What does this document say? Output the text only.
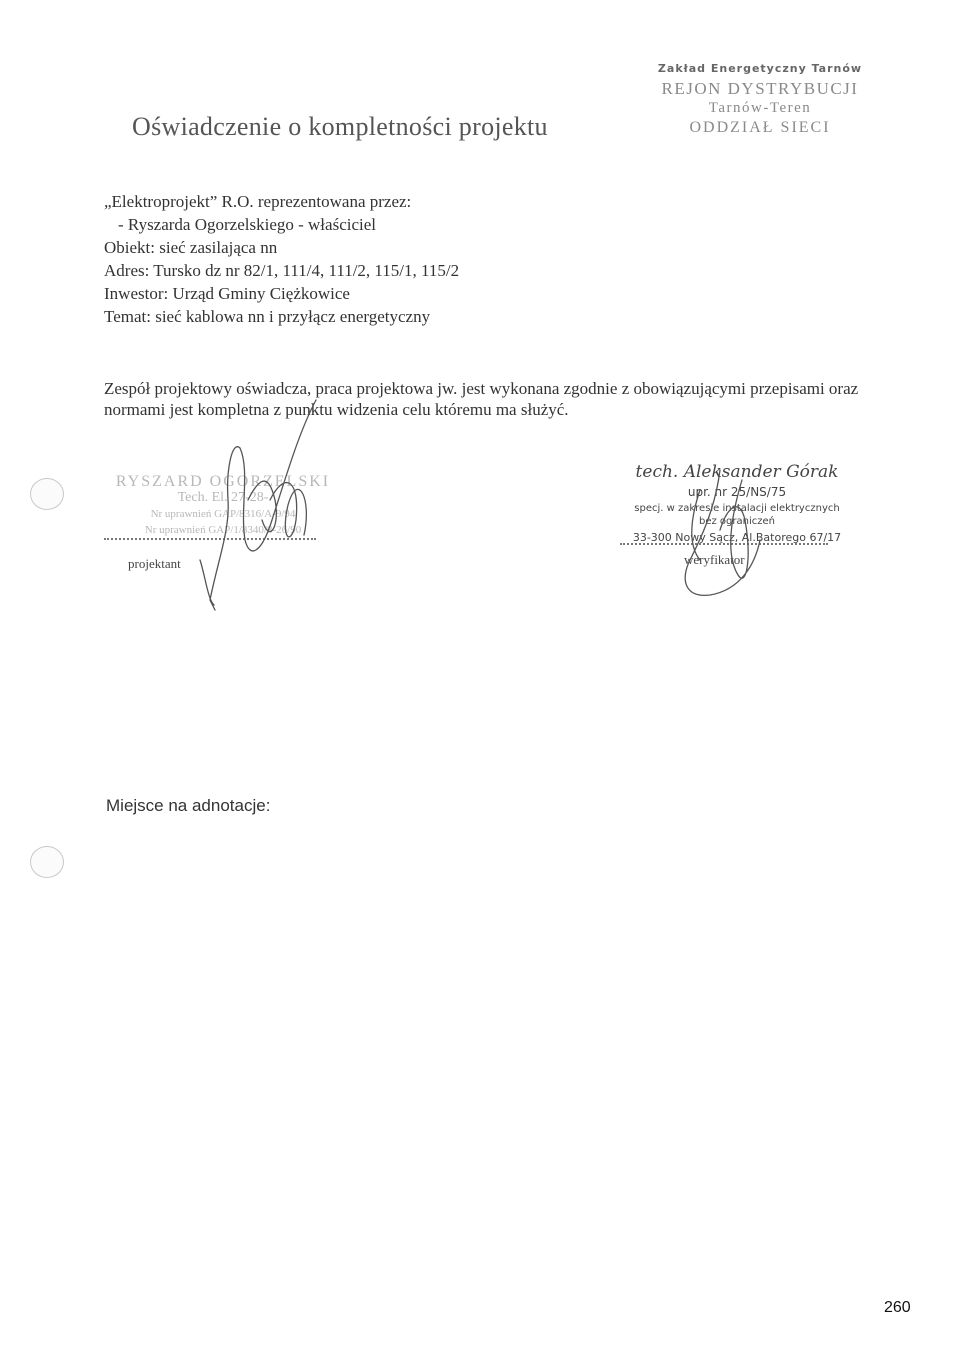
Zakład Energetyczny Tarnów
REJON DYSTRYBUCJI
Tarnów-Teren
ODDZIAŁ SIECI
Oświadczenie o kompletności projektu
„Elektroprojekt” R.O. reprezentowana przez:
- Ryszarda Ogorzelskiego - właściciel
Obiekt: sieć zasilająca nn
Adres: Tursko dz nr 82/1, 111/4, 111/2, 115/1, 115/2
Inwestor: Urząd Gminy Ciężkowice
Temat: sieć kablowa nn i przyłącz energetyczny
Zespół projektowy oświadcza, praca projektowa jw. jest wykonana zgodnie z obowiązującymi przepisami oraz normami jest kompletna z punktu widzenia celu któremu ma służyć.
RYSZARD OGORZELSKI
Tech. El. 27-28-
Nr uprawnień GAP/8316/A-9/94
Nr uprawnień GAP/1/8340/8-26/90
projektant
tech. Aleksander Górak
upr. nr 25/NS/75
specj. w zakresie instalacji elektrycznych
bez ograniczeń
33-300 Nowy Sącz, Al.Batorego 67/17
weryfikator
Miejsce na adnotacje:
260
